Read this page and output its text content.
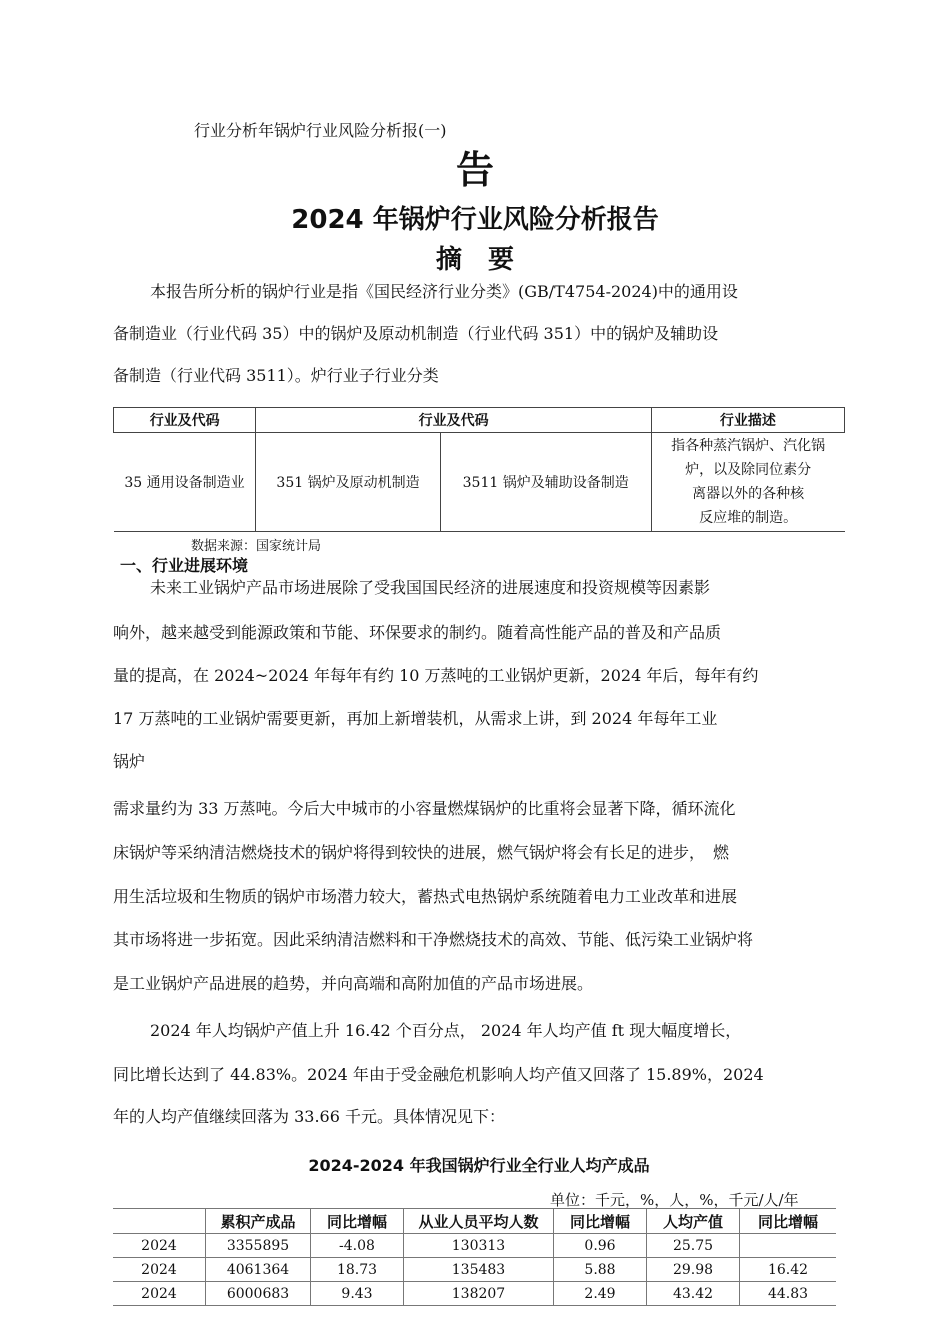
行业分析年锅炉行业风险分析报(一)
告
2024 年锅炉行业风险分析报告
摘　要
本报告所分析的锅炉行业是指《国民经济行业分类》(GB/T4754-2024)中的通用设
备制造业（行业代码 35）中的锅炉及原动机制造（行业代码 351）中的锅炉及辅助设
备制造（行业代码 3511）。炉行业子行业分类
行业及代码	行业及代码		行业描述
35 通用设备制造业	351 锅炉及原动机制造	3511 锅炉及辅助设备制造	指各种蒸汽锅炉、汽化锅
炉，以及除同位素分
离器以外的各种核
反应堆的制造。
数据来源：国家统计局
一、行业进展环境
未来工业锅炉产品市场进展除了受我国国民经济的进展速度和投资规模等因素影
响外，越来越受到能源政策和节能、环保要求的制约。随着高性能产品的普及和产品质
量的提高，在 2024~2024 年每年有约 10 万蒸吨的工业锅炉更新，2024 年后，每年有约
17 万蒸吨的工业锅炉需要更新，再加上新增装机，从需求上讲，到 2024 年每年工业
锅炉
需求量约为 33 万蒸吨。今后大中城市的小容量燃煤锅炉的比重将会显著下降，循环流化
床锅炉等采纳清洁燃烧技术的锅炉将得到较快的进展，燃气锅炉将会有长足的进步，　燃
用生活垃圾和生物质的锅炉市场潜力较大，蓄热式电热锅炉系统随着电力工业改革和进展
其市场将进一步拓宽。因此采纳清洁燃料和干净燃烧技术的高效、节能、低污染工业锅炉将
是工业锅炉产品进展的趋势，并向高端和高附加值的产品市场进展。
2024 年人均锅炉产值上升 16.42 个百分点， 2024 年人均产值 ft 现大幅度增长，
同比增长达到了 44.83%。2024 年由于受金融危机影响人均产值又回落了 15.89%，2024
年的人均产值继续回落为 33.66 千元。具体情况见下：
2024-2024 年我国锅炉行业全行业人均产成品
单位：千元，%，人，%，千元/人/年
	累积产成品	同比增幅	从业人员平均人数	同比增幅	人均产值	同比增幅
2024	3355895	-4.08	130313	0.96	25.75	
2024	4061364	18.73	135483	5.88	29.98	16.42
2024	6000683	9.43	138207	2.49	43.42	44.83
